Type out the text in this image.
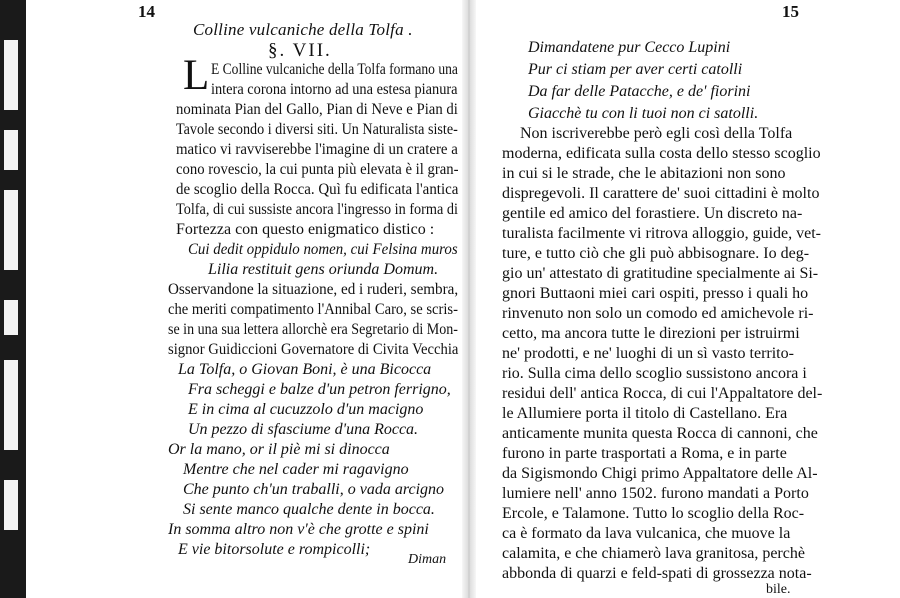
14
Colline vulcaniche della Tolfa .
§. VII.
L E Colline vulcaniche della Tolfa formano una
intera corona intorno ad una estesa pianura
nominata Pian del Gallo, Pian di Neve e Pian di
Tavole secondo i diversi siti. Un Naturalista siste-
matico vi ravviserebbe l'imagine di un cratere a
cono rovescio, la cui punta più elevata è il gran-
de scoglio della Rocca. Quì fu edificata l'antica
Tolfa, di cui sussiste ancora l'ingresso in forma di
Fortezza con questo enigmatico distico :
Cui dedit oppidulo nomen, cui Felsina muros
Lilia restituit gens oriunda Domum.
Osservandone la situazione, ed i ruderi, sembra,
che meriti compatimento l'Annibal Caro, se scris-
se in una sua lettera allorchè era Segretario di Mon-
signor Guidiccioni Governatore di Civita Vecchia
La Tolfa, o Giovan Boni, è una Bicocca
Fra scheggi e balze d'un petron ferrigno,
E in cima al cucuzzolo d'un macigno
Un pezzo di sfasciume d'una Rocca.
Or la mano, or il piè mi si dinocca
Mentre che nel cader mi ragavigno
Che punto ch'un traballi, o vada arcigno
Si sente manco qualche dente in bocca.
In somma altro non v'è che grotte e spini
E vie bitorsolute e rompicolli;
Diman
15
Dimandatene pur Cecco Lupini
Pur ci stiam per aver certi catolli
Da far delle Patacche, e de' fiorini
Giacchè tu con li tuoi non ci satolli.
Non iscriverebbe però egli così della Tolfa
moderna, edificata sulla costa dello stesso scoglio
in cui si le strade, che le abitazioni non sono
dispregevoli. Il carattere de' suoi cittadini è molto
gentile ed amico del forastiere. Un discreto na-
turalista facilmente vi ritrova alloggio, guide, vet-
ture, e tutto ciò che gli può abbisognare. Io deg-
gio un' attestato di gratitudine specialmente ai Si-
gnori Buttaoni miei cari ospiti, presso i quali ho
rinvenuto non solo un comodo ed amichevole ri-
cetto, ma ancora tutte le direzioni per istruirmi
ne' prodotti, e ne' luoghi di un sì vasto territo-
rio. Sulla cima dello scoglio sussistono ancora i
residui dell' antica Rocca, di cui l'Appaltatore del-
le Allumiere porta il titolo di Castellano. Era
anticamente munita questa Rocca di cannoni, che
furono in parte trasportati a Roma, e in parte
da Sigismondo Chigi primo Appaltatore delle Al-
lumiere nell' anno 1502. furono mandati a Porto
Ercole, e Talamone. Tutto lo scoglio della Roc-
ca è formato da lava vulcanica, che muove la
calamita, e che chiamerò lava granitosa, perchè
abbonda di quarzi e feld-spati di grossezza nota-
bile.
